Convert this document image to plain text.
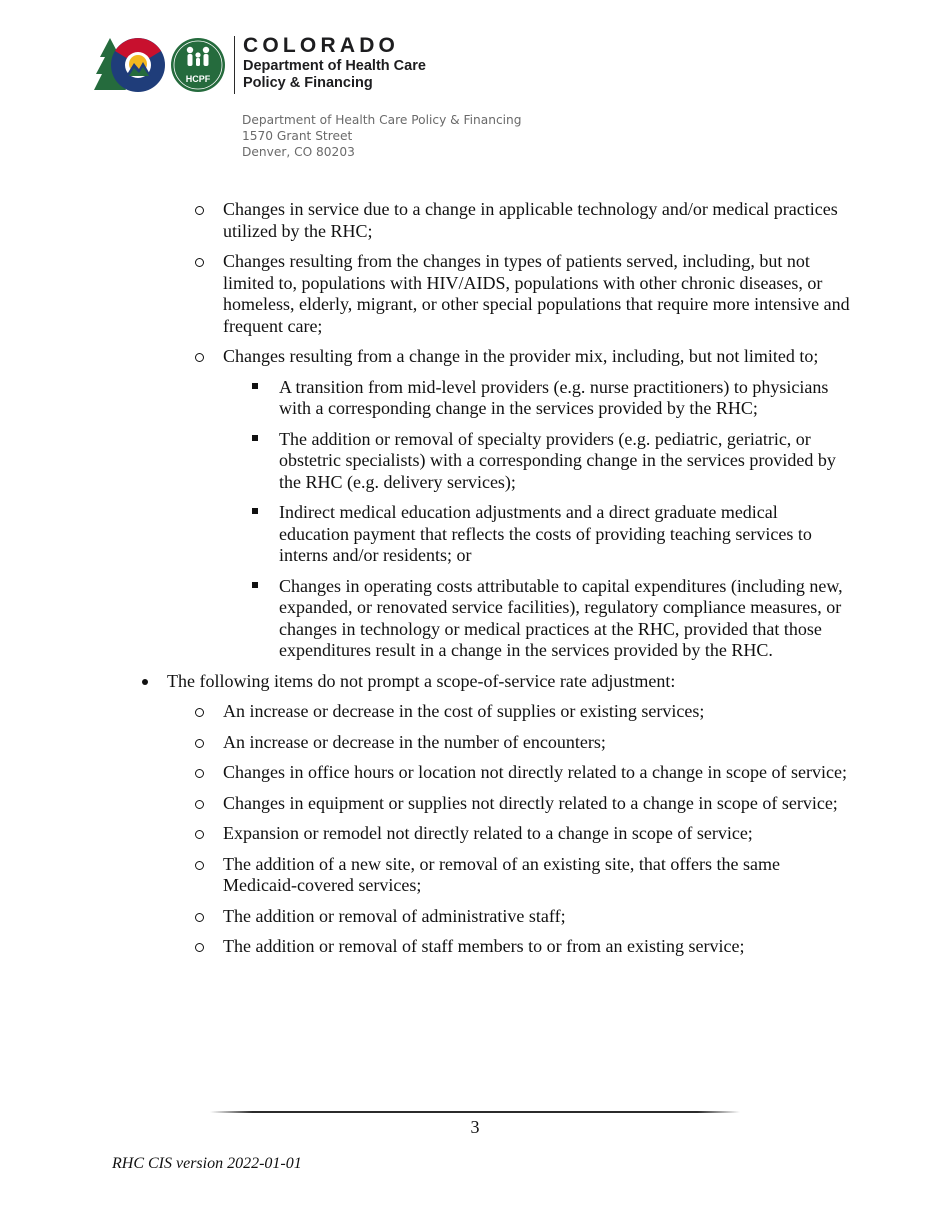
HCPF
COLORADO
Department of Health Care
Policy & Financing
Department of Health Care Policy & Financing
1570 Grant Street
Denver, CO 80203
Changes in service due to a change in applicable technology and/or medical practices utilized by the RHC;
Changes resulting from the changes in types of patients served, including, but not limited to, populations with HIV/AIDS, populations with other chronic diseases, or homeless, elderly, migrant, or other special populations that require more intensive and frequent care;
Changes resulting from a change in the provider mix, including, but not limited to;
A transition from mid-level providers (e.g. nurse practitioners) to physicians with a corresponding change in the services provided by the RHC;
The addition or removal of specialty providers (e.g. pediatric, geriatric, or obstetric specialists) with a corresponding change in the services provided by the RHC (e.g. delivery services);
Indirect medical education adjustments and a direct graduate medical education payment that reflects the costs of providing teaching services to interns and/or residents; or
Changes in operating costs attributable to capital expenditures (including new, expanded, or renovated service facilities), regulatory compliance measures, or changes in technology or medical practices at the RHC, provided that those expenditures result in a change in the services provided by the RHC.
The following items do not prompt a scope-of-service rate adjustment:
An increase or decrease in the cost of supplies or existing services;
An increase or decrease in the number of encounters;
Changes in office hours or location not directly related to a change in scope of service;
Changes in equipment or supplies not directly related to a change in scope of service;
Expansion or remodel not directly related to a change in scope of service;
The addition of a new site, or removal of an existing site, that offers the same Medicaid-covered services;
The addition or removal of administrative staff;
The addition or removal of staff members to or from an existing service;
3
RHC CIS version 2022-01-01
